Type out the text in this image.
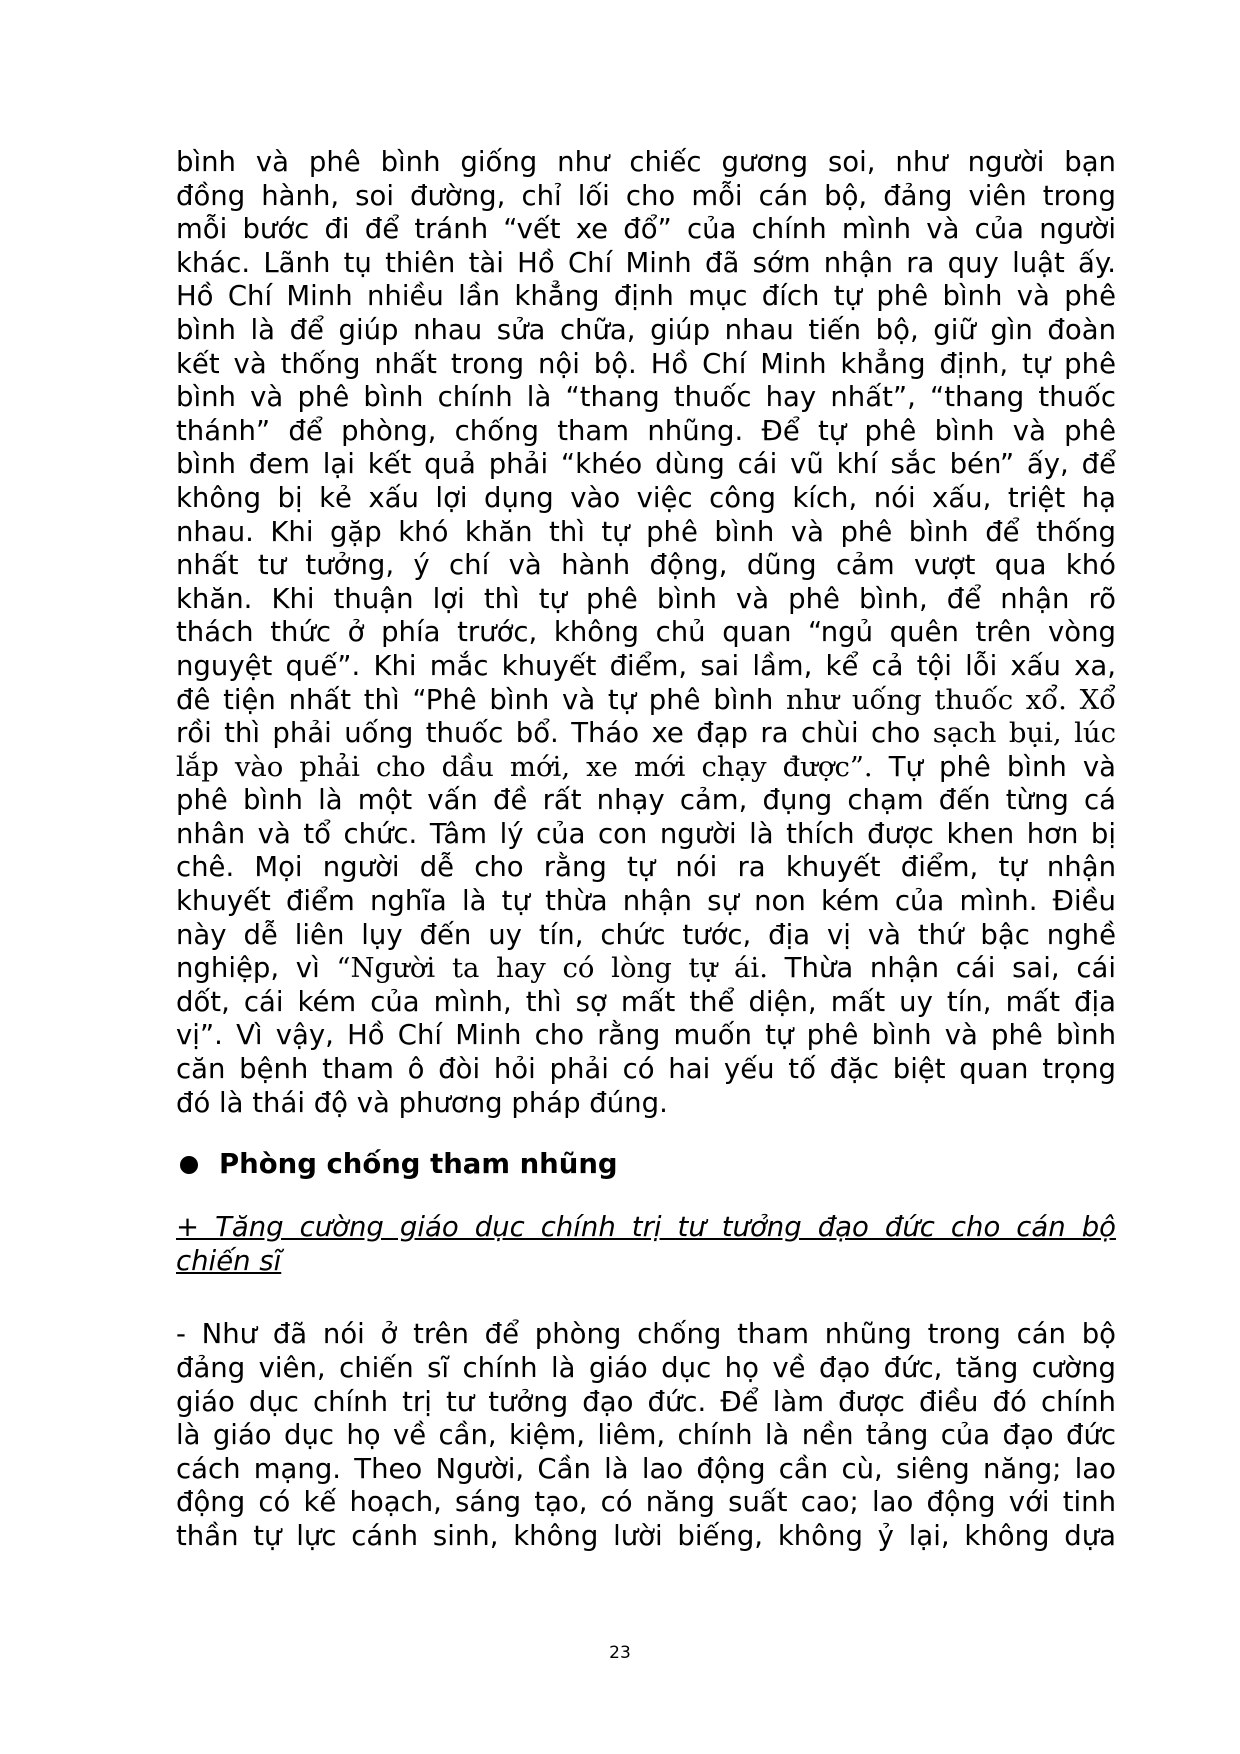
bình và phê bình giống như chiếc gương soi, như người bạn
đồng hành, soi đường, chỉ lối cho mỗi cán bộ, đảng viên trong
mỗi bước đi để tránh “vết xe đổ” của chính mình và của người
khác. Lãnh tụ thiên tài Hồ Chí Minh đã sớm nhận ra quy luật ấy.
Hồ Chí Minh nhiều lần khẳng định mục đích tự phê bình và phê
bình là để giúp nhau sửa chữa, giúp nhau tiến bộ, giữ gìn đoàn
kết và thống nhất trong nội bộ. Hồ Chí Minh khẳng định, tự phê
bình và phê bình chính là “thang thuốc hay nhất”, “thang thuốc
thánh” để phòng, chống tham nhũng. Để tự phê bình và phê
bình đem lại kết quả phải “khéo dùng cái vũ khí sắc bén” ấy, để
không bị kẻ xấu lợi dụng vào việc công kích, nói xấu, triệt hạ
nhau. Khi gặp khó khăn thì tự phê bình và phê bình để thống
nhất tư tưởng, ý chí và hành động, dũng cảm vượt qua khó
khăn. Khi thuận lợi thì tự phê bình và phê bình, để nhận rõ
thách thức ở phía trước, không chủ quan “ngủ quên trên vòng
nguyệt quế”. Khi mắc khuyết điểm, sai lầm, kể cả tội lỗi xấu xa,
đê tiện nhất thì “Phê bình và tự phê bình như uống thuốc xổ. Xổ
rồi thì phải uống thuốc bổ. Tháo xe đạp ra chùi cho sạch bụi, lúc
lắp vào phải cho dầu mới, xe mới chạy được”. Tự phê bình và
phê bình là một vấn đề rất nhạy cảm, đụng chạm đến từng cá
nhân và tổ chức. Tâm lý của con người là thích được khen hơn bị
chê. Mọi người dễ cho rằng tự nói ra khuyết điểm, tự nhận
khuyết điểm nghĩa là tự thừa nhận sự non kém của mình. Điều
này dễ liên lụy đến uy tín, chức tước, địa vị và thứ bậc nghề
nghiệp, vì “Người ta hay có lòng tự ái. Thừa nhận cái sai, cái
dốt, cái kém của mình, thì sợ mất thể diện, mất uy tín, mất địa
vị”. Vì vậy, Hồ Chí Minh cho rằng muốn tự phê bình và phê bình
căn bệnh tham ô đòi hỏi phải có hai yếu tố đặc biệt quan trọng
đó là thái độ và phương pháp đúng.
Phòng chống tham nhũng
+ Tăng cường giáo dục chính trị tư tưởng đạo đức cho cán bộ
chiến sĩ
- Như đã nói ở trên để phòng chống tham nhũng trong cán bộ
đảng viên, chiến sĩ chính là giáo dục họ về đạo đức, tăng cường
giáo dục chính trị tư tưởng đạo đức. Để làm được điều đó chính
là giáo dục họ về cần, kiệm, liêm, chính là nền tảng của đạo đức
cách mạng. Theo Người, Cần là lao động cần cù, siêng năng; lao
động có kế hoạch, sáng tạo, có năng suất cao; lao động với tinh
thần tự lực cánh sinh, không lười biếng, không ỷ lại, không dựa
23
